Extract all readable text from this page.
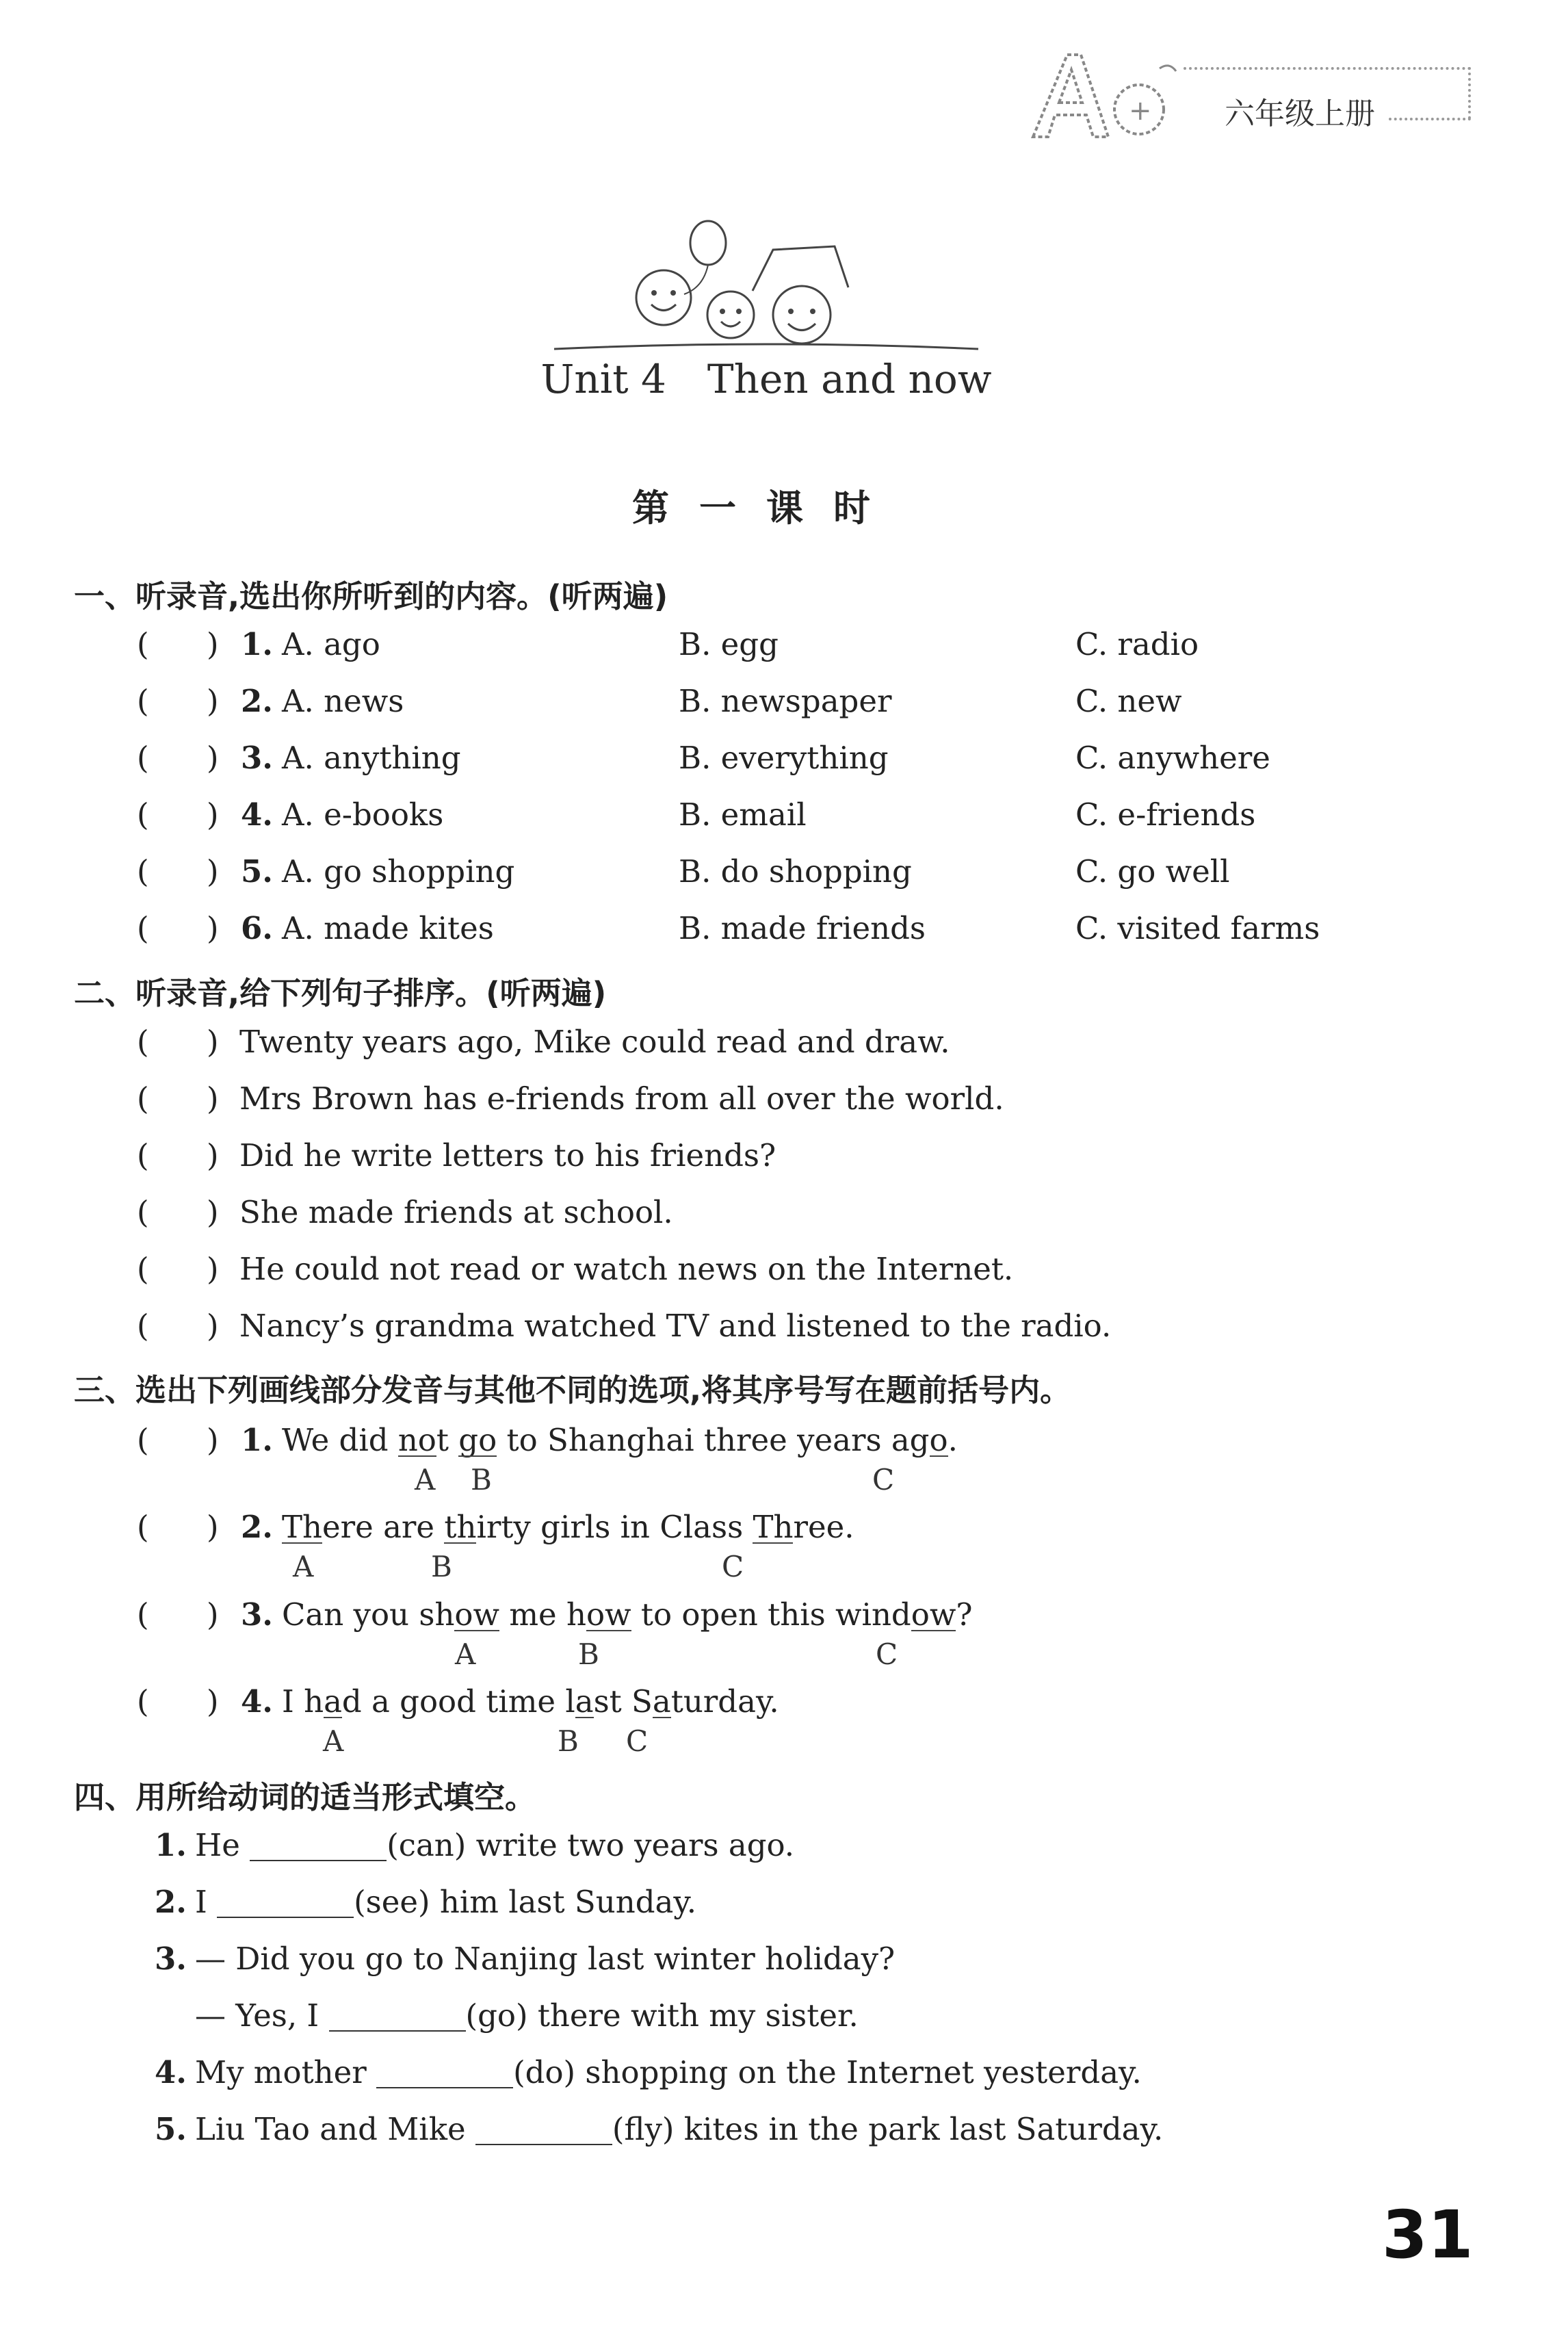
+ 六年级上册
Unit 4 Then and now
第一课时
一、听录音,选出你所听到的内容。(听两遍)
( ) 1. A. ago	B. egg	C. radio
( ) 2. A. news	B. newspaper	C. new
( ) 3. A. anything	B. everything	C. anywhere
( ) 4. A. e-books	B. email	C. e-friends
( ) 5. A. go shopping	B. do shopping	C. go well
( ) 6. A. made kites	B. made friends	C. visited farms
二、听录音,给下列句子排序。(听两遍)
( ) Twenty years ago, Mike could read and draw.
( ) Mrs Brown has e-friends from all over the world.
( ) Did he write letters to his friends?
( ) She made friends at school.
( ) He could not read or watch news on the Internet.
( ) Nancy’s grandma watched TV and listened to the radio.
三、选出下列画线部分发音与其他不同的选项,将其序号写在题前括号内。
( ) 1. We did not go to Shanghai three years ago.
A B	C
( ) 2. There are thirty girls in Class Three.
A	B	C
( ) 3. Can you show me how to open this window?
A	B	C
( ) 4. I had a good time last Saturday.
A	B C
四、用所给动词的适当形式填空。
1. He	(can) write two years ago.
2. I	(see) him last Sunday.
3. — Did you go to Nanjing last winter holiday?
— Yes, I	(go) there with my sister.
4. My mother	(do) shopping on the Internet yesterday.
5. Liu Tao and Mike	(fly) kites in the park last Saturday.
31
